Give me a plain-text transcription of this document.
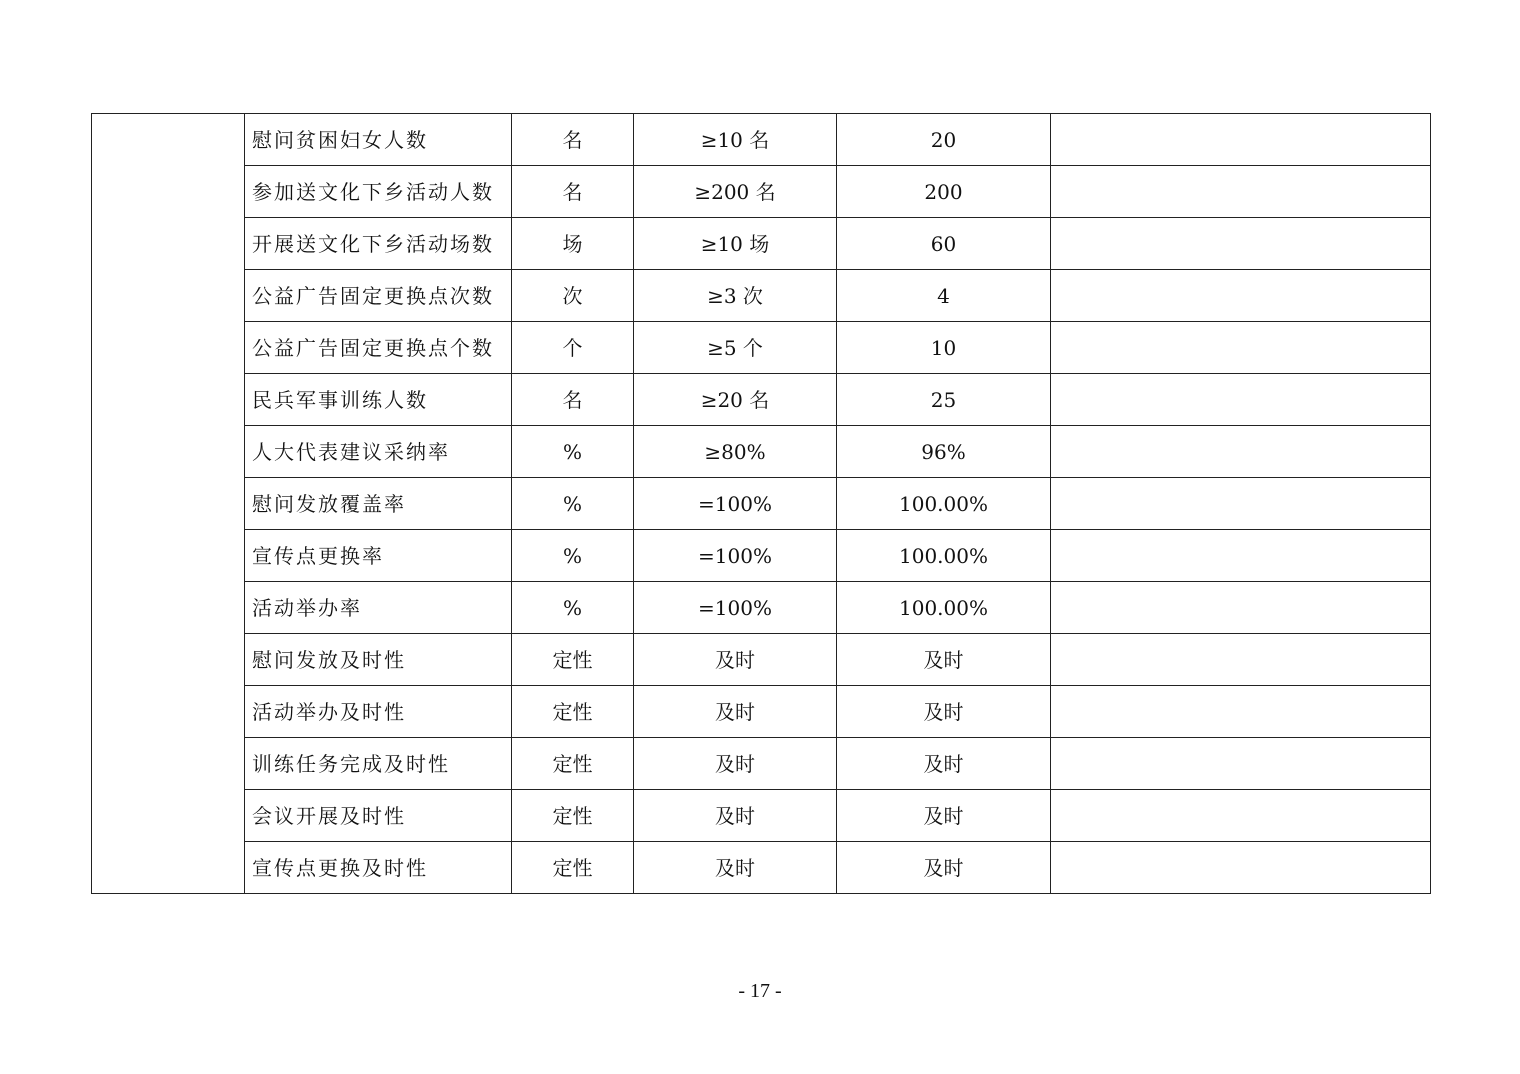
	慰问贫困妇女人数	名	≥10 名	20	
	参加送文化下乡活动人数	名	≥200 名	200	
	开展送文化下乡活动场数	场	≥10 场	60	
	公益广告固定更换点次数	次	≥3 次	4	
	公益广告固定更换点个数	个	≥5 个	10	
	民兵军事训练人数	名	≥20 名	25	
	人大代表建议采纳率	%	≥80%	96%	
	慰问发放覆盖率	%	=100%	100.00%	
	宣传点更换率	%	=100%	100.00%	
	活动举办率	%	=100%	100.00%	
	慰问发放及时性	定性	及时	及时	
	活动举办及时性	定性	及时	及时	
	训练任务完成及时性	定性	及时	及时	
	会议开展及时性	定性	及时	及时	
	宣传点更换及时性	定性	及时	及时	
- 17 -
